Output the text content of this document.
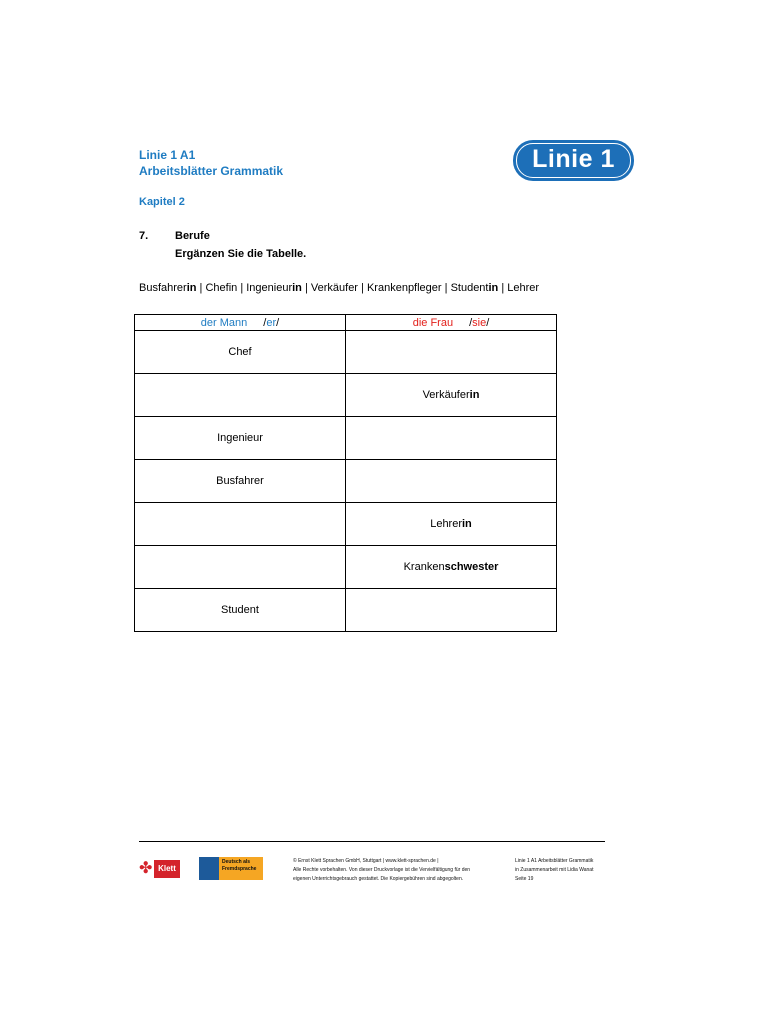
Linie 1 A1
Arbeitsblätter Grammatik	Linie 1
Kapitel 2
7. Berufe
Ergänzen Sie die Tabelle.
Busfahrerin | Chefin | Ingenieurin | Verkäufer | Krankenpfleger | Studentin | Lehrer
der Mann /er/	die Frau /sie/
Chef	
	Verkäuferin
Ingenieur	
Busfahrer	
	Lehrerin
	Krankenschwester
Student	
✤ Klett
Deutsch als
Fremdsprache
© Ernst Klett Sprachen GmbH, Stuttgart | www.klett-sprachen.de |
Alle Rechte vorbehalten. Von dieser Druckvorlage ist die Vervielfältigung für den
eigenen Unterrichtsgebrauch gestattet. Die Kopiergebühren sind abgegolten.
Linie 1 A1 Arbeitsblätter Grammatik
in Zusammenarbeit mit Lidia Wanat
Seite 19
